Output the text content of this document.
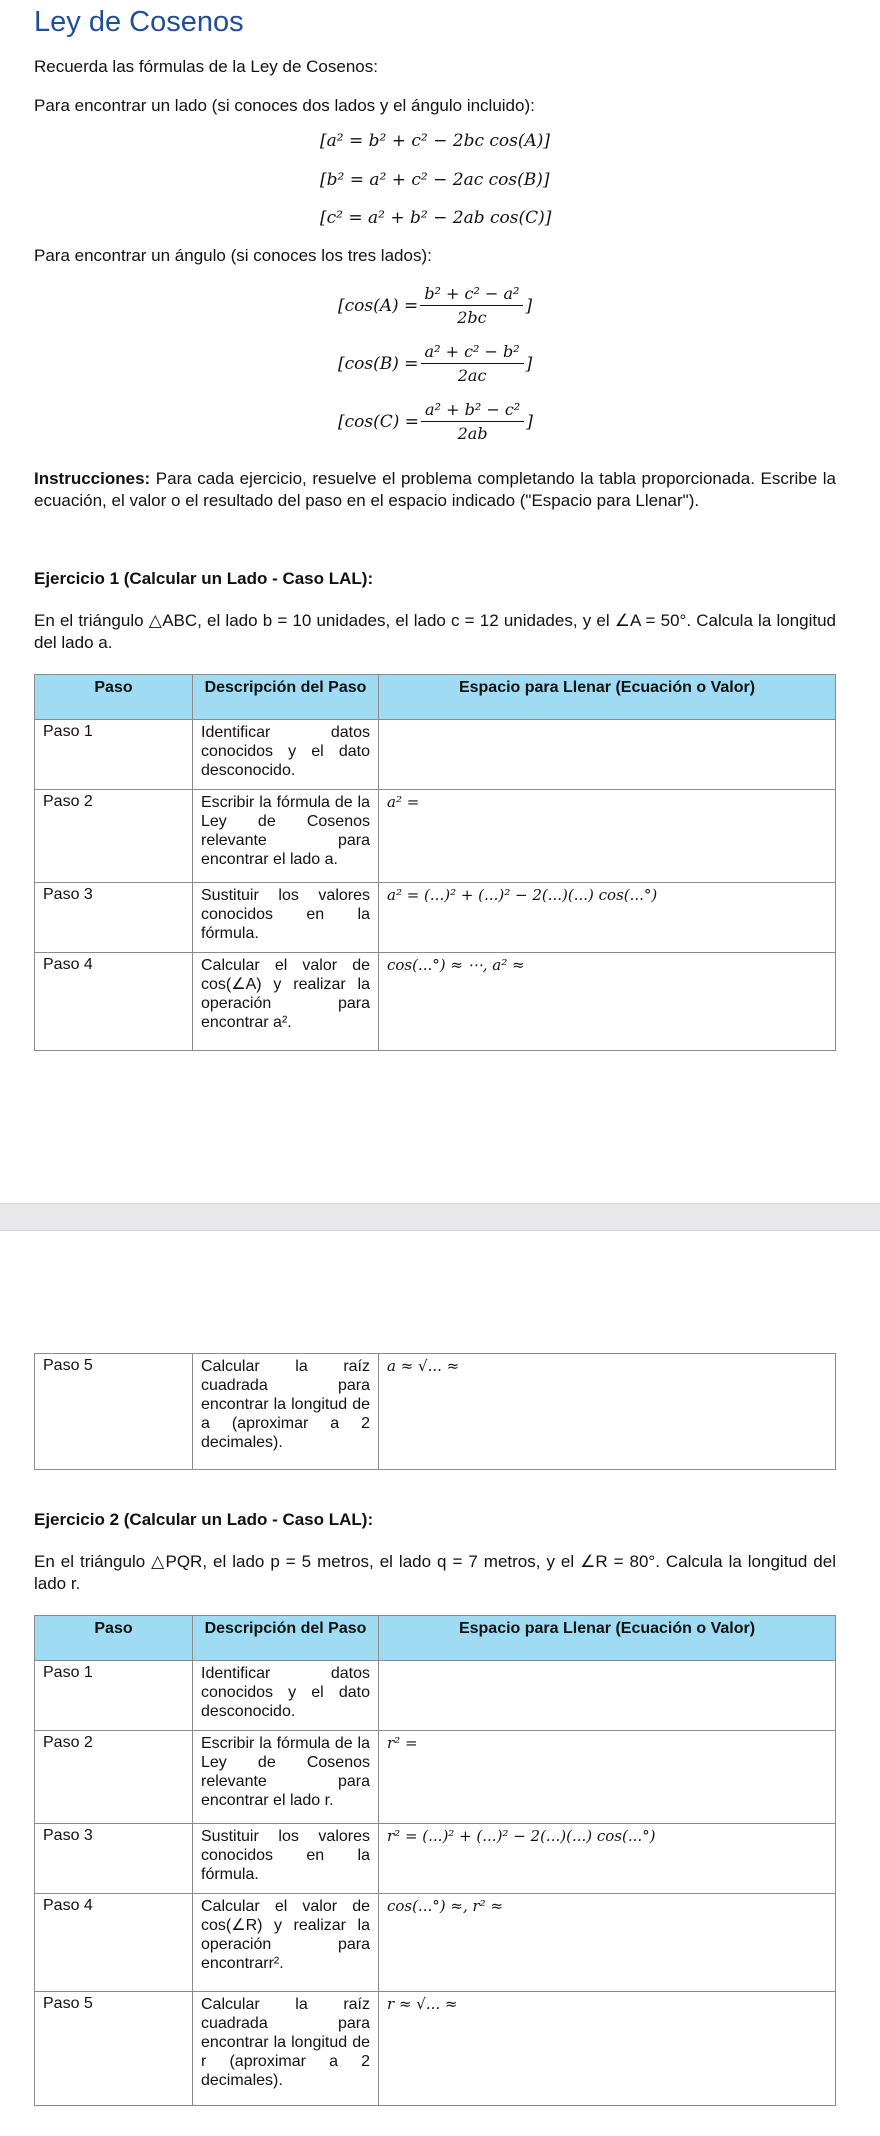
Ley de Cosenos
Recuerda las fórmulas de la Ley de Cosenos:
Para encontrar un lado (si conoces dos lados y el ángulo incluido):
[a² = b² + c² − 2bc cos(A)]
[b² = a² + c² − 2ac cos(B)]
[c² = a² + b² − 2ab cos(C)]
Para encontrar un ángulo (si conoces los tres lados):
[$\cos(A) = \frac{\text{b² + c² − a²}}{2bc}$ ]
[$\cos(B) = \frac{\text{a² + c² − b²}}{2ac}$ ]
[$\cos(C) = \frac{\text{a² + b² − c²}}{2ab}$ ]
Instrucciones: Para cada ejercicio, resuelve el problema completando la tabla proporcionada. Escribe la ecuación, el valor o el resultado del paso en el espacio indicado ("Espacio para Llenar").
Ejercicio 1 (Calcular un Lado - Caso LAL):
En el triángulo △ABC, el lado b = 10 unidades, el lado c = 12 unidades, y el ∠A = 50°. Calcula la longitud del lado a.
Paso	Descripción del Paso	Espacio para Llenar (Ecuación o Valor)
Paso 1	Identificar datos conocidos y el dato desconocido.	
Paso 2	Escribir la fórmula de la Ley de Cosenos relevante para encontrar el lado a.	a² =
Paso 3	Sustituir los valores conocidos en la fórmula.	a² = (...)² + (...)² − 2(...)(...) cos(...°)
Paso 4	Calcular el valor de cos(∠A) y realizar la operación para encontrar a².	cos(...°) ≈ ⋯, a² ≈
Paso 5	Calcular la raíz cuadrada para encontrar la longitud de a (aproximar a 2 decimales).	a ≈ √... ≈
Ejercicio 2 (Calcular un Lado - Caso LAL):
En el triángulo △PQR, el lado p = 5 metros, el lado q = 7 metros, y el ∠R = 80°. Calcula la longitud del lado r.
Paso	Descripción del Paso	Espacio para Llenar (Ecuación o Valor)
Paso 1	Identificar datos conocidos y el dato desconocido.	
Paso 2	Escribir la fórmula de la Ley de Cosenos relevante para encontrar el lado r.	r² =
Paso 3	Sustituir los valores conocidos en la fórmula.	r² = (...)² + (...)² − 2(...)(...) cos(...°)
Paso 4	Calcular el valor de cos(∠R) y realizar la operación para encontrarr².	cos(...°) ≈, r² ≈
Paso 5	Calcular la raíz cuadrada para encontrar la longitud de r (aproximar a 2 decimales).	r ≈ √... ≈
